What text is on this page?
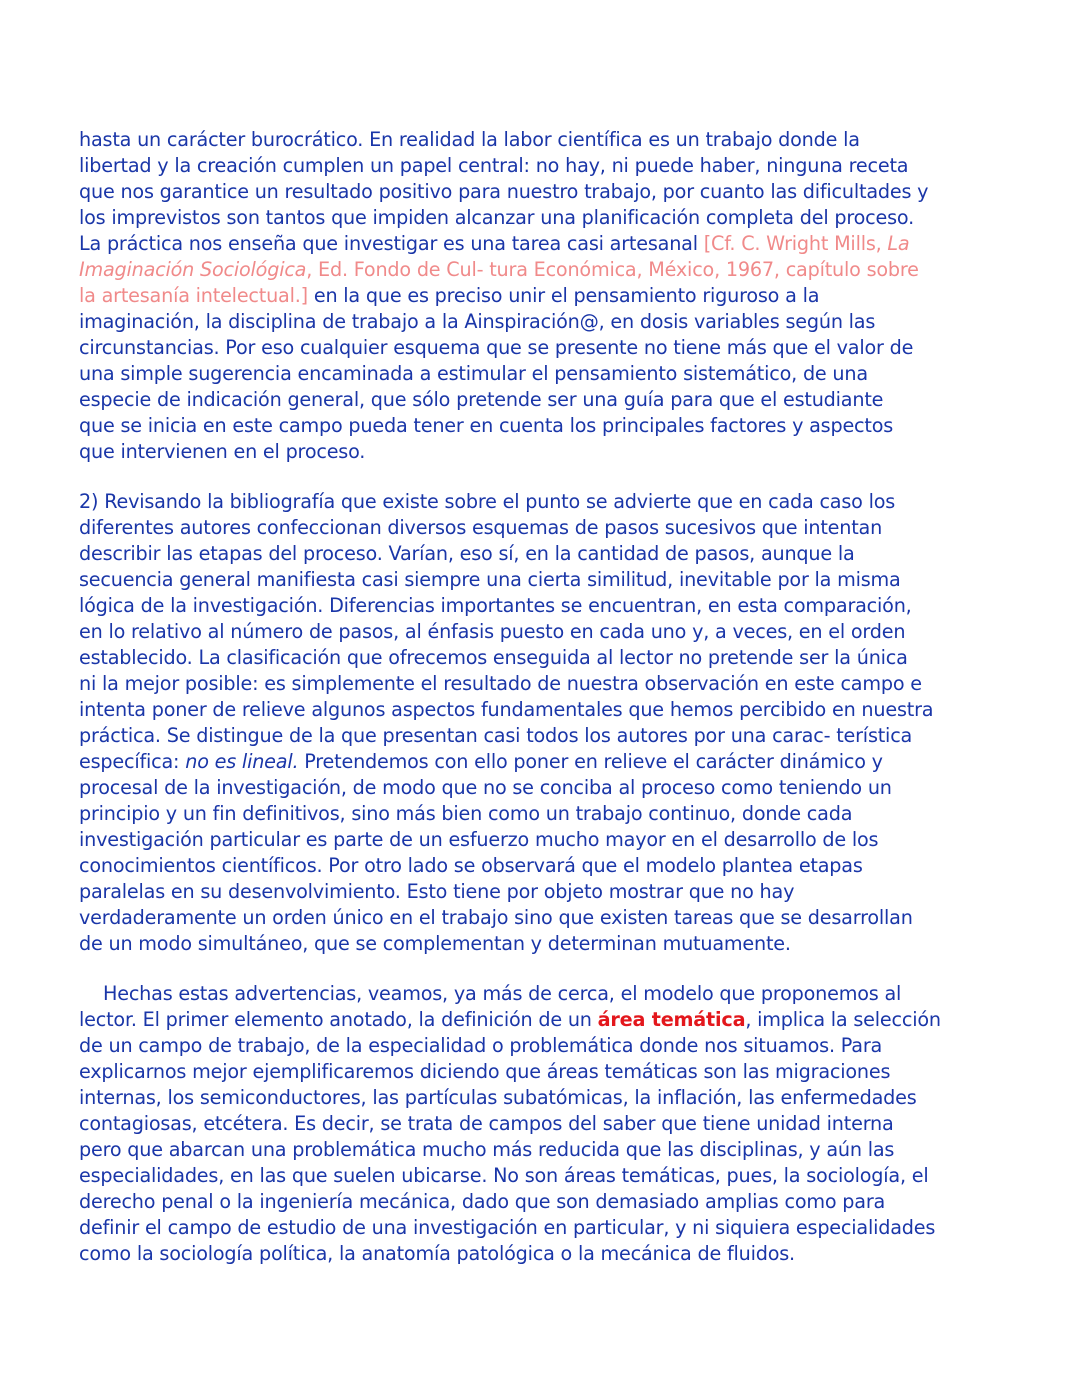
hasta un carácter burocrático. En realidad la labor científica es un trabajo donde la
libertad y la creación cumplen un papel central: no hay, ni puede haber, ninguna receta
que nos garantice un resultado positivo para nuestro trabajo, por cuanto las dificultades y
los imprevistos son tantos que impiden alcanzar una planificación completa del proceso.
La práctica nos enseña que investigar es una tarea casi artesanal [Cf. C. Wright Mills, La
Imaginación Sociológica, Ed. Fondo de Cul- tura Económica, México, 1967, capítulo sobre
la artesanía intelectual.] en la que es preciso unir el pensamiento riguroso a la
imaginación, la disciplina de trabajo a la Ainspiración@, en dosis variables según las
circunstancias. Por eso cualquier esquema que se presente no tiene más que el valor de
una simple sugerencia encaminada a estimular el pensamiento sistemático, de una
especie de indicación general, que sólo pretende ser una guía para que el estudiante
que se inicia en este campo pueda tener en cuenta los principales factores y aspectos
que intervienen en el proceso.

2) Revisando la bibliografía que existe sobre el punto se advierte que en cada caso los
diferentes autores confeccionan diversos esquemas de pasos sucesivos que intentan
describir las etapas del proceso. Varían, eso sí, en la cantidad de pasos, aunque la
secuencia general manifiesta casi siempre una cierta similitud, inevitable por la misma
lógica de la investigación. Diferencias importantes se encuentran, en esta comparación,
en lo relativo al número de pasos, al énfasis puesto en cada uno y, a veces, en el orden
establecido. La clasificación que ofrecemos enseguida al lector no pretende ser la única
ni la mejor posible: es simplemente el resultado de nuestra observación en este campo e
intenta poner de relieve algunos aspectos fundamentales que hemos percibido en nuestra
práctica. Se distingue de la que presentan casi todos los autores por una carac- terística
específica: no es lineal. Pretendemos con ello poner en relieve el carácter dinámico y
procesal de la investigación, de modo que no se conciba al proceso como teniendo un
principio y un fin definitivos, sino más bien como un trabajo continuo, donde cada
investigación particular es parte de un esfuerzo mucho mayor en el desarrollo de los
conocimientos científicos. Por otro lado se observará que el modelo plantea etapas
paralelas en su desenvolvimiento. Esto tiene por objeto mostrar que no hay
verdaderamente un orden único en el trabajo sino que existen tareas que se desarrollan
de un modo simultáneo, que se complementan y determinan mutuamente.

Hechas estas advertencias, veamos, ya más de cerca, el modelo que proponemos al
lector. El primer elemento anotado, la definición de un área temática, implica la selección
de un campo de trabajo, de la especialidad o problemática donde nos situamos. Para
explicarnos mejor ejemplificaremos diciendo que áreas temáticas son las migraciones
internas, los semiconductores, las partículas subatómicas, la inflación, las enfermedades
contagiosas, etcétera. Es decir, se trata de campos del saber que tiene unidad interna
pero que abarcan una problemática mucho más reducida que las disciplinas, y aún las
especialidades, en las que suelen ubicarse. No son áreas temáticas, pues, la sociología, el
derecho penal o la ingeniería mecánica, dado que son demasiado amplias como para
definir el campo de estudio de una investigación en particular, y ni siquiera especialidades
como la sociología política, la anatomía patológica o la mecánica de fluidos.
